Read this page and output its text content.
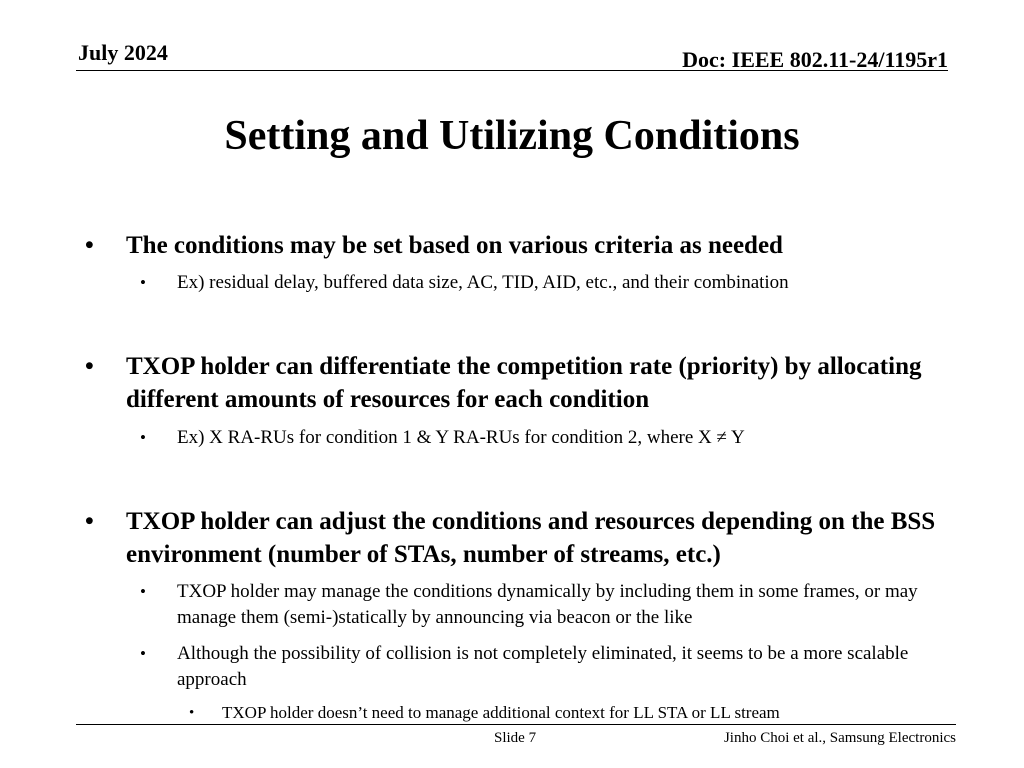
July 2024	Doc: IEEE 802.11-24/1195r1
Setting and Utilizing Conditions
• The conditions may be set based on various criteria as needed
• Ex) residual delay, buffered data size, AC, TID, AID, etc., and their combination
• TXOP holder can differentiate the competition rate (priority) by allocating different amounts of resources for each condition
• Ex) X RA-RUs for condition 1 & Y RA-RUs for condition 2, where X ≠ Y
• TXOP holder can adjust the conditions and resources depending on the BSS environment (number of STAs, number of streams, etc.)
• TXOP holder may manage the conditions dynamically by including them in some frames, or may manage them (semi-)statically by announcing via beacon or the like
• Although the possibility of collision is not completely eliminated, it seems to be a more scalable approach
• TXOP holder doesn’t need to manage additional context for LL STA or LL stream
Slide 7	Jinho Choi et al., Samsung Electronics
